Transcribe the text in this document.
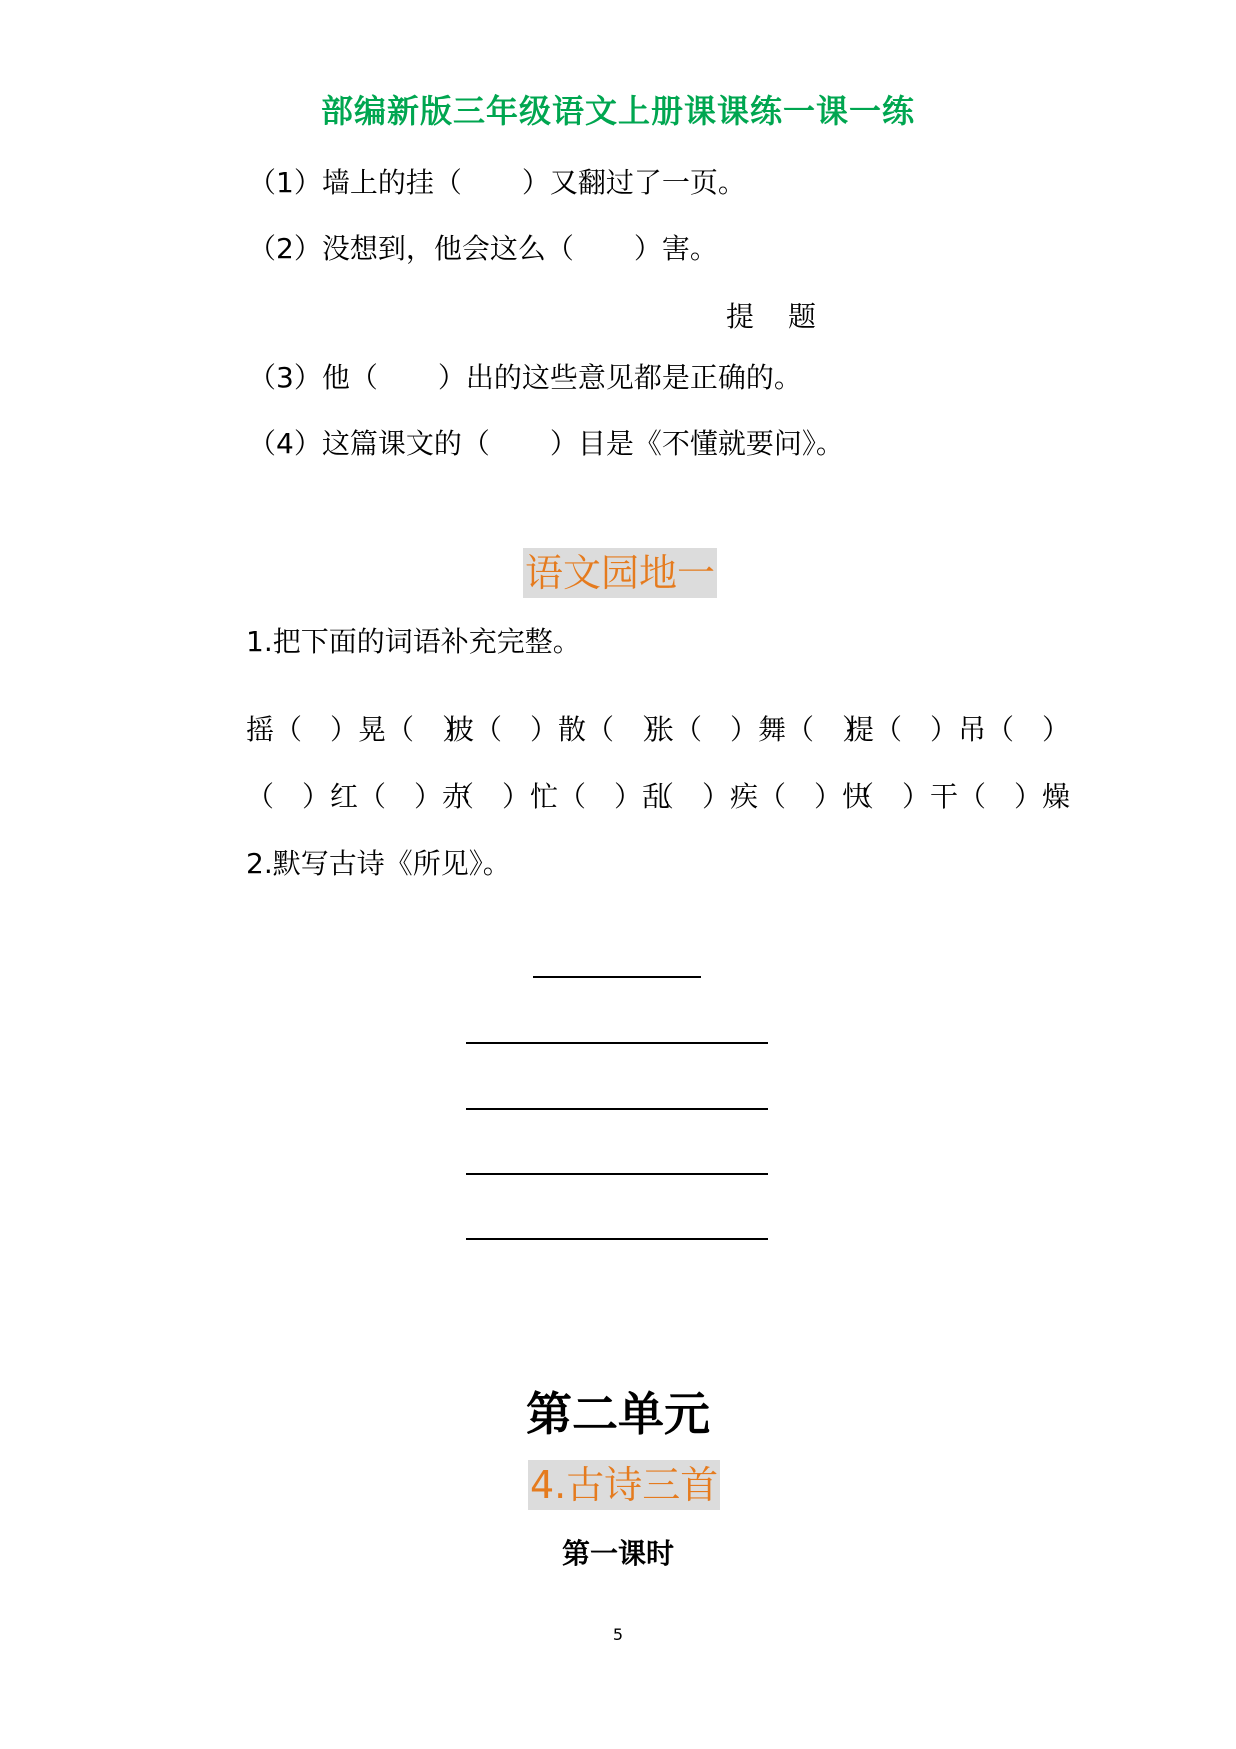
部编新版三年级语文上册课课练一课一练
（1）墙上的挂（ ）又翻过了一页。
（2）没想到，他会这么（ ）害。
提 题
（3）他（ ）出的这些意见都是正确的。
（4）这篇课文的（ ）目是《不懂就要问》。
语文园地一
1.把下面的词语补充完整。
摇（　）晃（　）披（　）散（　）张（　）舞（　）提（　）吊（　）
（　）红（　）赤（　）忙（　）乱（　）疾（　）快（　）干（　）燥
2.默写古诗《所见》。
第二单元
4.古诗三首
第一课时
5
